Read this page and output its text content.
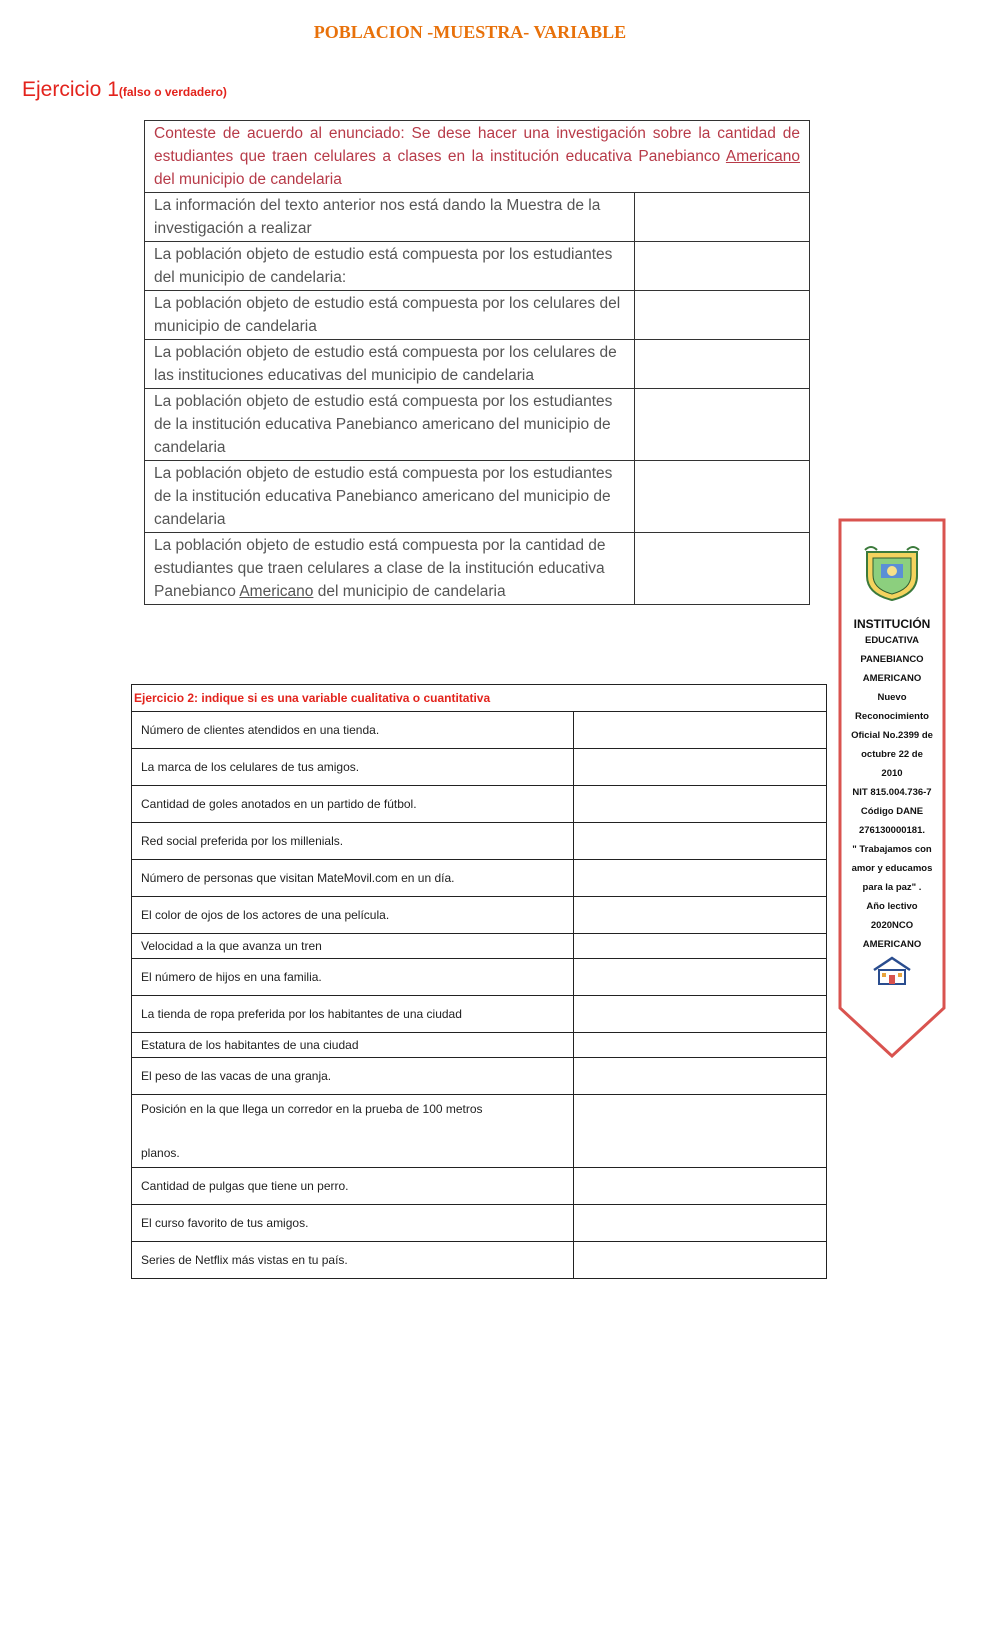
POBLACION -MUESTRA- VARIABLE
Ejercicio 1(falso o verdadero)
Conteste de acuerdo al enunciado: Se dese hacer una investigación sobre la cantidad de estudiantes que traen celulares a clases en la institución educativa Panebianco Americano del municipio de candelaria	
La información del texto anterior nos está dando la Muestra de la investigación a realizar	
La población objeto de estudio está compuesta por los estudiantes del municipio de candelaria:	
La población objeto de estudio está compuesta por los celulares del municipio de candelaria	
La población objeto de estudio está compuesta por los celulares de las instituciones educativas del municipio de candelaria	
La población objeto de estudio está compuesta por los estudiantes de la institución educativa Panebianco americano del municipio de candelaria	
La población objeto de estudio está compuesta por los estudiantes de la institución educativa Panebianco americano del municipio de candelaria	
La población objeto de estudio está compuesta por la cantidad de estudiantes que traen celulares a clase de la institución educativa Panebianco Americano del municipio de candelaria	
Ejercicio 2: indique si es una variable cualitativa o cuantitativa	
Número de clientes atendidos en una tienda.	
La marca de los celulares de tus amigos.	
Cantidad de goles anotados en un partido de fútbol.	
Red social preferida por los millenials.	
Número de personas que visitan MateMovil.com en un día.	
El color de ojos de los actores de una película.	
Velocidad a la que avanza un tren	
El número de hijos en una familia.	
La tienda de ropa preferida por los habitantes de una ciudad	
Estatura de los habitantes de una ciudad	
El peso de las vacas de una granja.	

Posición en la que llega un corredor en la prueba de 100 metros
planos.	

Cantidad de pulgas que tiene un perro.	
El curso favorito de tus amigos.	
Series de Netflix más vistas en tu país.	
INSTITUCIÓN
EDUCATIVA
PANEBIANCO
AMERICANO
Nuevo
Reconocimiento
Oficial No.2399 de
octubre 22 de
2010
NIT 815.004.736-7
Código DANE
276130000181.
" Trabajamos con
amor y educamos
para la paz" .
Año lectivo
2020NCO
AMERICANO
